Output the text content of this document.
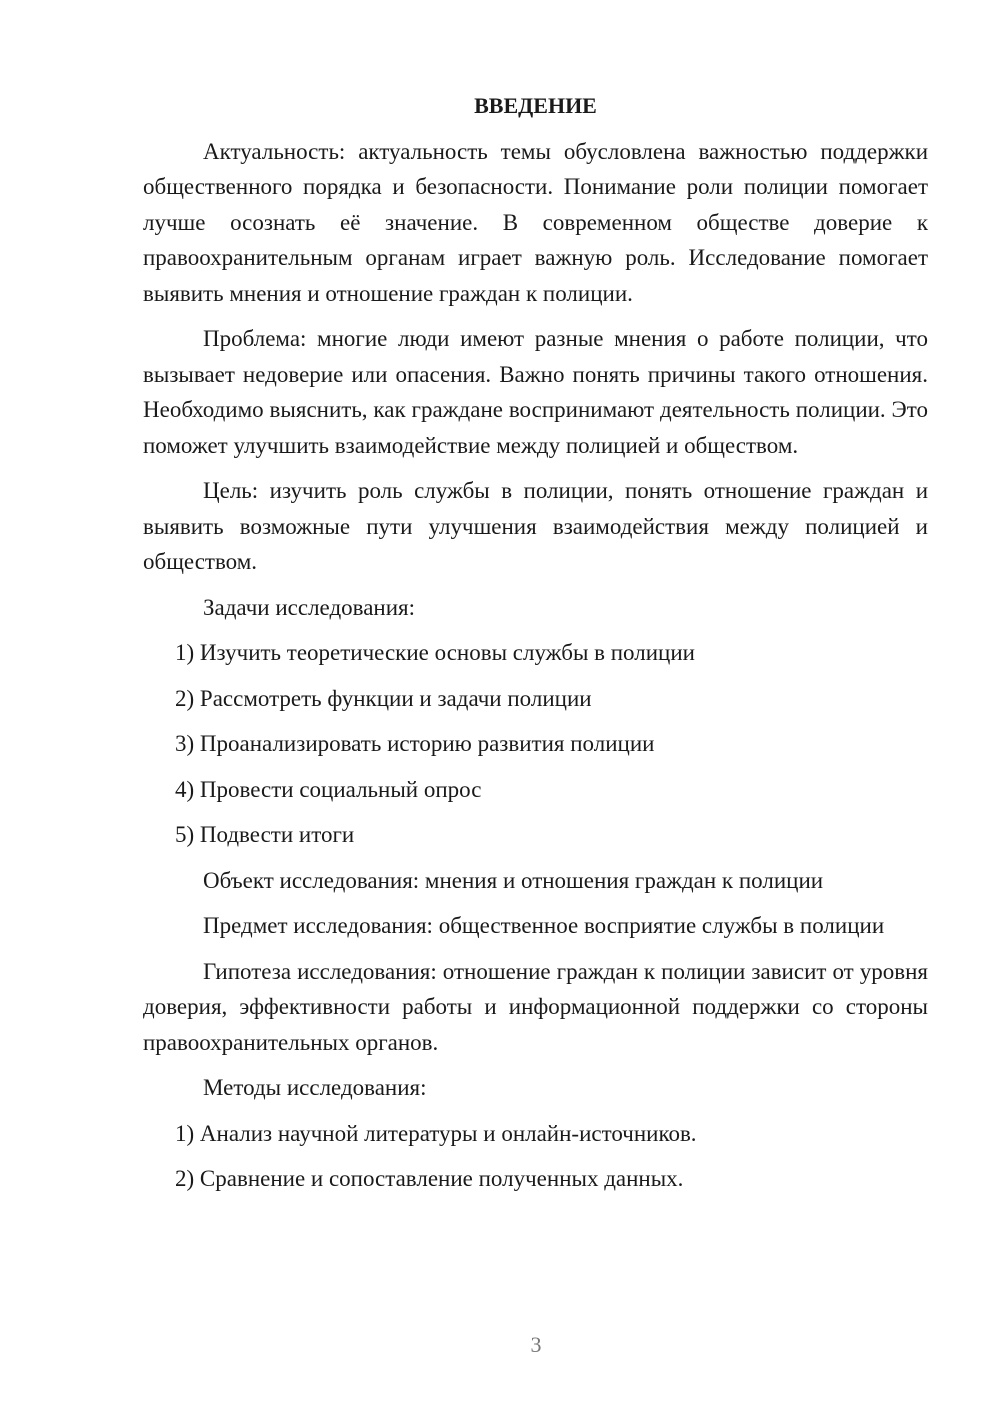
ВВЕДЕНИЕ

Актуальность: актуальность темы обусловлена важностью поддержки общественного порядка и безопасности. Понимание роли полиции помогает лучше осознать её значение. В современном обществе доверие к правоохранительным органам играет важную роль. Исследование помогает выявить мнения и отношение граждан к полиции.

Проблема: многие люди имеют разные мнения о работе полиции, что вызывает недоверие или опасения. Важно понять причины такого отношения. Необходимо выяснить, как граждане воспринимают деятельность полиции. Это поможет улучшить взаимодействие между полицией и обществом.

Цель: изучить роль службы в полиции, понять отношение граждан и выявить возможные пути улучшения взаимодействия между полицией и обществом.

Задачи исследования:

1) Изучить теоретические основы службы в полиции

2) Рассмотреть функции и задачи полиции

3) Проанализировать историю развития полиции

4) Провести социальный опрос

5) Подвести итоги

Объект исследования: мнения и отношения граждан к полиции

Предмет исследования: общественное восприятие службы в полиции

Гипотеза исследования: отношение граждан к полиции зависит от уровня доверия, эффективности работы и информационной поддержки со стороны правоохранительных органов.

Методы исследования:

1) Анализ научной литературы и онлайн-источников.

2) Сравнение и сопоставление полученных данных.

3
